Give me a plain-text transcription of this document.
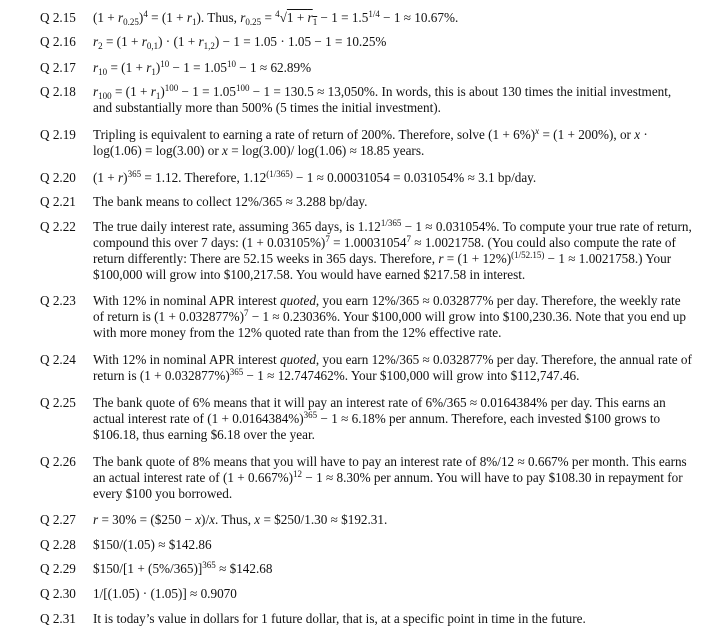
Q 2.15 $(1 + r_{0.25})^4 = (1 + r_1)$. Thus, $r_{0.25} = ^4√1 + r_1 - 1 = 1.5^{1/4} - 1 \approx 10.67\%$.
Q 2.16 $r_2 = (1 + r_{0,1}) \cdot (1 + r_{1,2}) - 1 = 1.05 \cdot 1.05 - 1 = 10.25\%$
Q 2.17 $r_{10} = (1 + r_1)^{10} - 1 = 1.05^{10} - 1 \approx 62.89\%$
Q 2.18 $r_{100} = (1 + r_1)^{100} - 1 = 1.05^{100} - 1 = 130.5 \approx 13,050\%$. In words, this is about 130 times the initial investment, and substantially more than 500% (5 times the initial investment).
Q 2.19 Tripling is equivalent to earning a rate of return of 200%. Therefore, solve $(1 + 6\%)^x = (1 + 200\%)$, or x · log(1.06) = log(3.00) or x = log(3.00)/ log(1.06) ≈ 18.85 years.
Q 2.20 $(1 + r)^{365} = 1.12$. Therefore, $1.12^{(1/365)} - 1 \approx 0.00031054 = 0.031054\% \approx 3.1$ bp/day.
Q 2.21 The bank means to collect 12%/365 ≈ 3.288 bp/day.
Q 2.22 The true daily interest rate, assuming 365 days, is $1.12^{1/365} - 1 \approx 0.031054\%$. To compute your true rate of return, compound this over 7 days: $(1 + 0.03105\%)^7 = 1.00031054^7 \approx 1.0021758$. (You could also compute the rate of return differently: There are 52.15 weeks in 365 days. Therefore, $r = (1 + 12\%)^{(1/52.15)} - 1 \approx 1.0021758$.) Your $100,000 will grow into $100,217.58. You would have earned $217.58 in interest.
Q 2.23 With 12% in nominal APR interest quoted, you earn 12%/365 ≈ 0.032877% per day. Therefore, the weekly rate of return is $(1 + 0.032877\%)^7 - 1 \approx 0.23036\%$. Your $100,000 will grow into $100,230.36. Note that you end up with more money from the 12% quoted rate than from the 12% effective rate.
Q 2.24 With 12% in nominal APR interest quoted, you earn 12%/365 ≈ 0.032877% per day. Therefore, the annual rate of return is $(1 + 0.032877\%)^{365} - 1 \approx 12.747462\%$. Your $100,000 will grow into $112,747.46.
Q 2.25 The bank quote of 6% means that it will pay an interest rate of 6%/365 ≈ 0.0164384% per day. This earns an actual interest rate of $(1 + 0.0164384\%)^{365} - 1 \approx 6.18\%$ per annum. Therefore, each invested $100 grows to $106.18, thus earning $6.18 over the year.
Q 2.26 The bank quote of 8% means that you will have to pay an interest rate of 8%/12 ≈ 0.667% per month. This earns an actual interest rate of $(1 + 0.667\%)^{12} - 1 \approx 8.30\%$ per annum. You will have to pay $108.30 in repayment for every $100 you borrowed.
Q 2.27 r = 30% = ($250 − x)/x. Thus, x = $250/1.30 ≈ $192.31.
Q 2.28 $150/(1.05) ≈ $142.86
Q 2.29 $150/[1 + (5%/365)]$^{365}$ ≈ $142.68
Q 2.30 1/[(1.05) · (1.05)] ≈ 0.9070
Q 2.31 It is today’s value in dollars for 1 future dollar, that is, at a specific point in time in the future.
